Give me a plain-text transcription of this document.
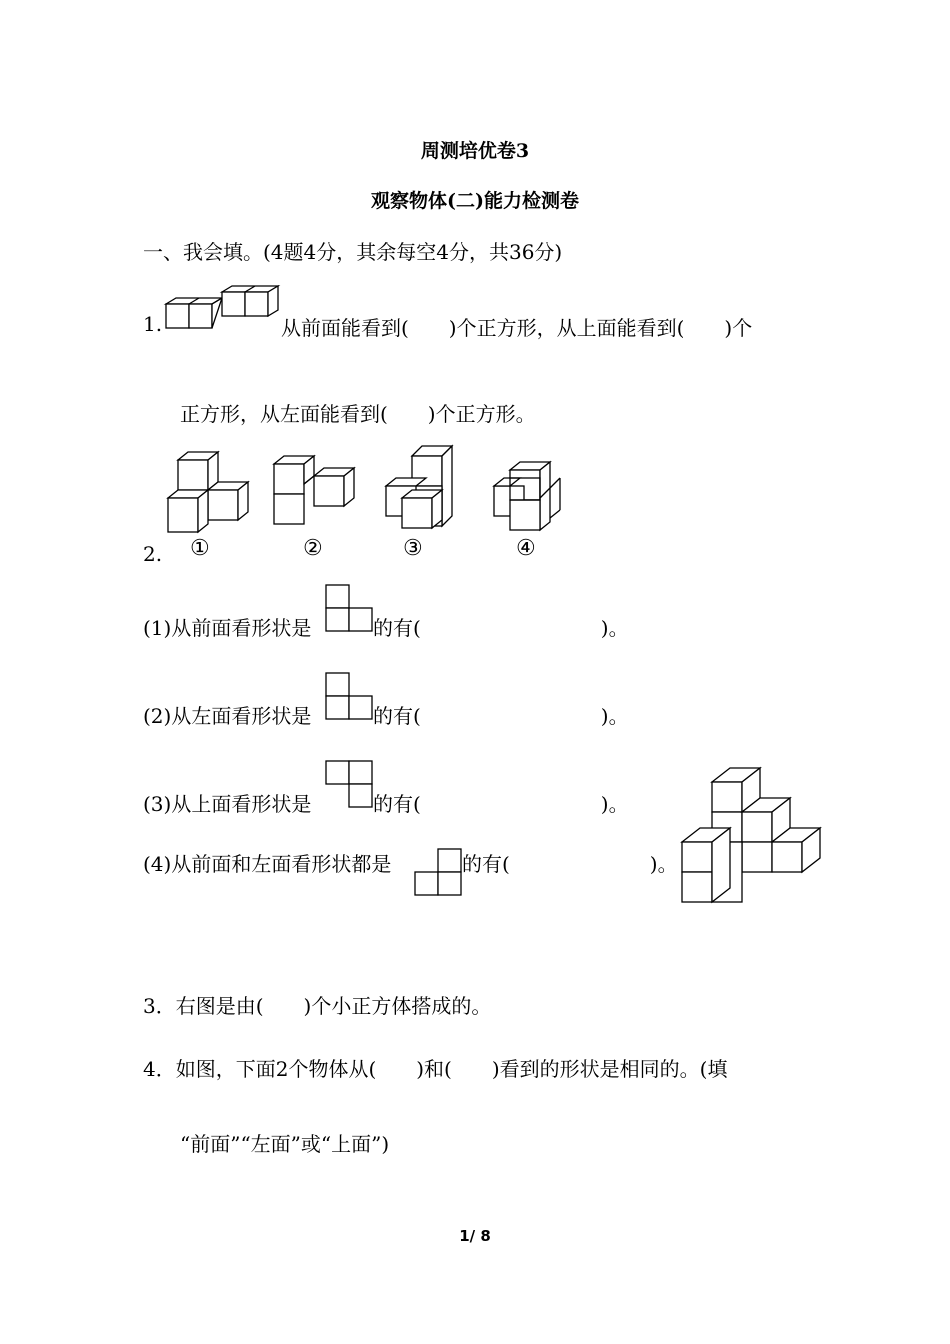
周测培优卷3
观察物体(二)能力检测卷
一、我会填。(4题4分，其余每空4分，共36分)
1.	从前面能看到(　　)个正方形，从上面能看到(　　)个
正方形，从左面能看到(　　)个正方形。
2. ①	②	③	④
(1)从前面看形状是	的有(　　　　　　　　　)。
(2)从左面看形状是	的有(　　　　　　　　　)。
(3)从上面看形状是	的有(　　　　　　　　　)。
(4)从前面和左面看形状都是	的有(　　　　　　　)。
3．右图是由(　　)个小正方体搭成的。
4．如图，下面2个物体从(　　)和(　　)看到的形状是相同的。(填
“前面”“左面”或“上面”)
1/ 8
